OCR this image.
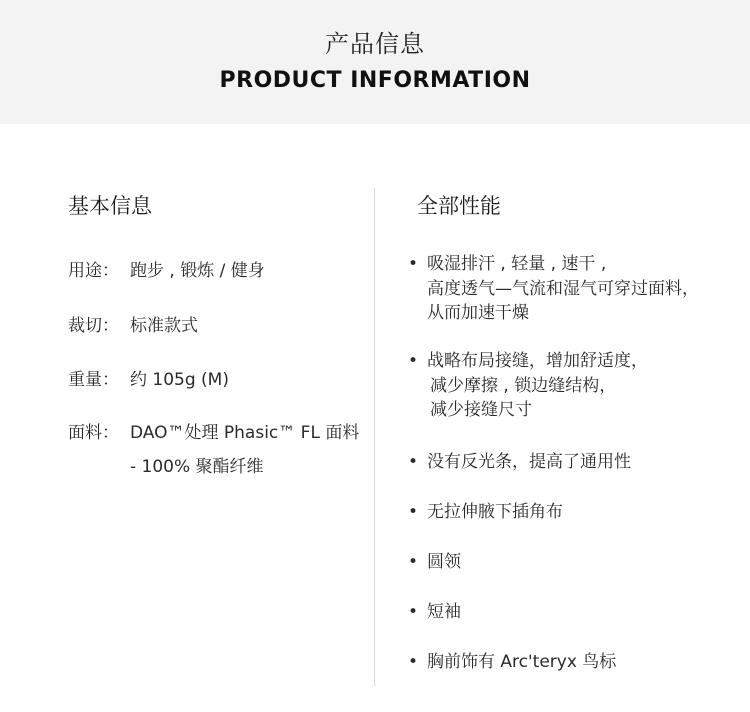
产品信息
PRODUCT INFORMATION
基本信息
用途： 跑步 , 锻炼 / 健身
裁切： 标准款式
重量： 约 105g (M)
面料： DAO™处理 Phasic™ FL 面料
- 100% 聚酯纤维
全部性能
• 吸湿排汗 , 轻量 , 速干 ,
高度透气—气流和湿气可穿过面料，
从而加速干燥
• 战略布局接缝，增加舒适度，
减少摩擦 , 锁边缝结构，
减少接缝尺寸
• 没有反光条，提高了通用性
• 无拉伸腋下插角布
• 圆领
• 短袖
• 胸前饰有 Arc'teryx 鸟标
